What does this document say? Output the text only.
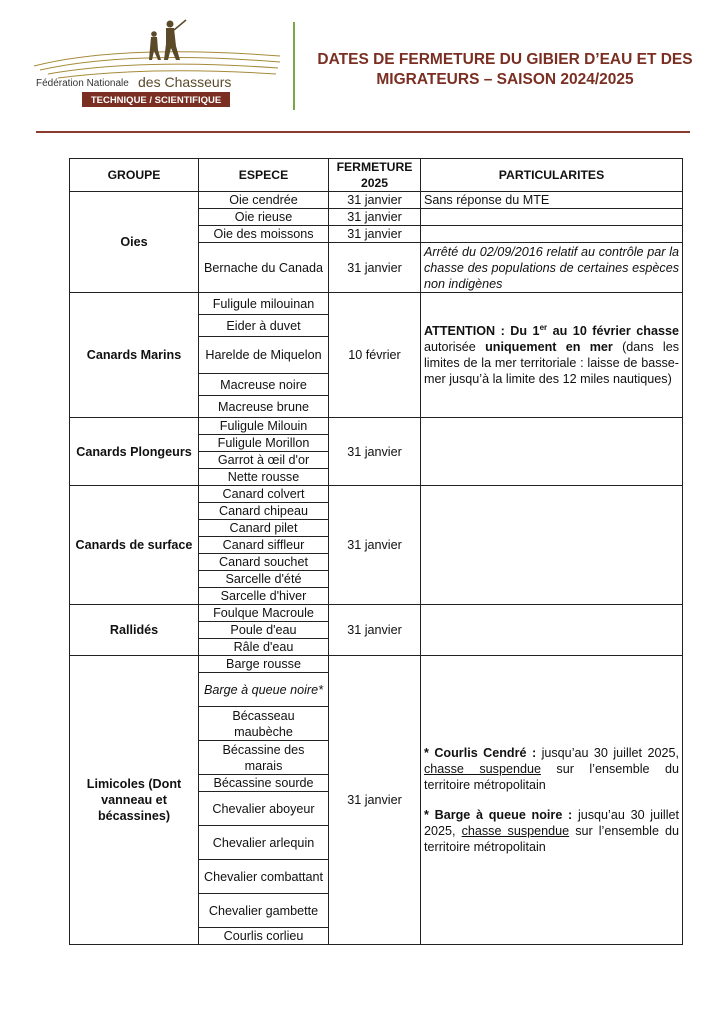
Fédération Nationale des Chasseurs
TECHNIQUE / SCIENTIFIQUE
DATES DE FERMETURE DU GIBIER D’EAU ET DES
MIGRATEURS – SAISON 2024/2025
GROUPE	ESPECE	FERMETURE 2025	PARTICULARITES
Oies	Oie cendrée	31 janvier	Sans réponse du MTE
	Oie rieuse	31 janvier	
	Oie des moissons	31 janvier	
	Bernache du Canada	31 janvier	Arrêté du 02/09/2016 relatif au contrôle par la chasse des populations de certaines espèces non indigènes
Canards Marins	Fuligule milouinan	10 février	ATTENTION : Du 1er au 10 février chasse autorisée uniquement en mer (dans les limites de la mer territoriale : laisse de basse-mer jusqu’à la limite des 12 miles nautiques)
	Eider à duvet		
	Harelde de Miquelon		
	Macreuse noire		
	Macreuse brune		
Canards Plongeurs	Fuligule Milouin	31 janvier	
	Fuligule Morillon		
	Garrot à œil d'or		
	Nette rousse		
Canards de surface	Canard colvert	31 janvier	
	Canard chipeau		
	Canard pilet		
	Canard siffleur		
	Canard souchet		
	Sarcelle d'été		
	Sarcelle d'hiver		
Rallidés	Foulque Macroule	31 janvier	
	Poule d'eau		
	Râle d'eau		
Limicoles (Dont vanneau et bécassines)	Barge rousse	31 janvier	* Courlis Cendré : jusqu’au 30 juillet 2025, chasse suspendue sur l’ensemble du territoire métropolitain
* Barge à queue noire : jusqu’au 30 juillet 2025, chasse suspendue sur l’ensemble du territoire métropolitain

	Barge à queue noire*		
	Bécasseau maubèche		
	Bécassine des marais		
	Bécassine sourde		
	Chevalier aboyeur		
	Chevalier arlequin		
	Chevalier combattant		
	Chevalier gambette		
	Courlis corlieu		
